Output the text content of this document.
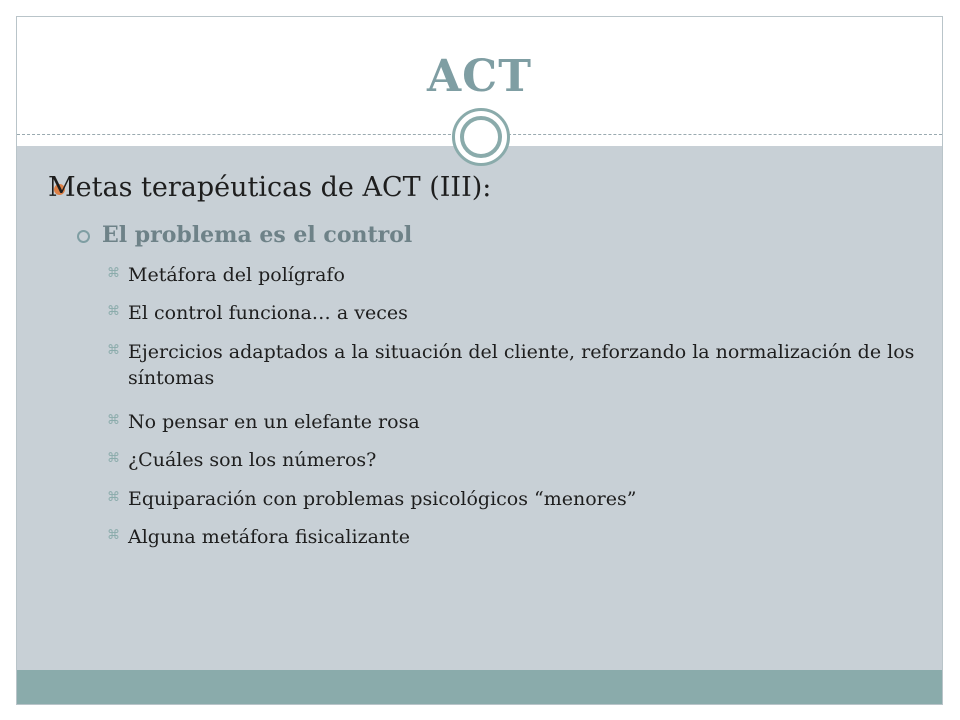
ACT
Metas terapéuticas de ACT (III):
El problema es el control
⌘ Metáfora del polígrafo
⌘ El control funciona… a veces
⌘ Ejercicios adaptados a la situación del cliente, reforzando la normalización de los síntomas
⌘ No pensar en un elefante rosa
⌘ ¿Cuáles son los números?
⌘ Equiparación con problemas psicológicos “menores”
⌘ Alguna metáfora fisicalizante
